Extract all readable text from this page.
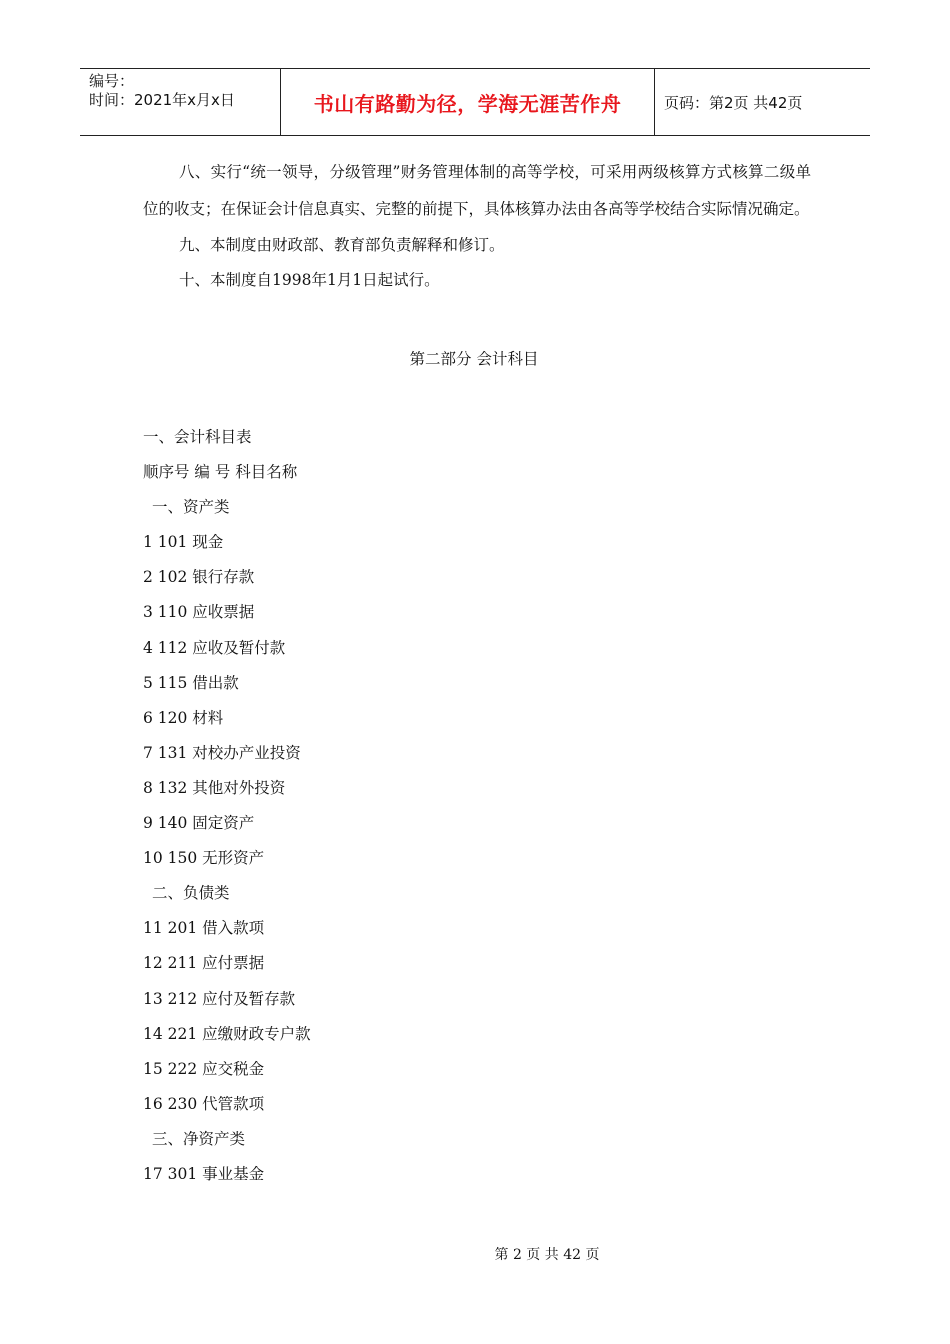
编号：
时间：2021年x月x日	书山有路勤为径，学海无涯苦作舟	页码：第2页 共42页

八、实行“统一领导，分级管理”财务管理体制的高等学校，可采用两级核算方式核算二级单位的收支；在保证会计信息真实、完整的前提下，具体核算办法由各高等学校结合实际情况确定。

九、本制度由财政部、教育部负责解释和修订。

十、本制度自1998年1月1日起试行。

第二部分 会计科目

一、会计科目表

顺序号 编 号 科目名称

一、资产类

1 101 现金

2 102 银行存款

3 110 应收票据

4 112 应收及暂付款

5 115 借出款

6 120 材料

7 131 对校办产业投资

8 132 其他对外投资

9 140 固定资产

10 150 无形资产

二、负债类

11 201 借入款项

12 211 应付票据

13 212 应付及暂存款

14 221 应缴财政专户款

15 222 应交税金

16 230 代管款项

三、净资产类

17 301 事业基金

第 2 页 共 42 页
